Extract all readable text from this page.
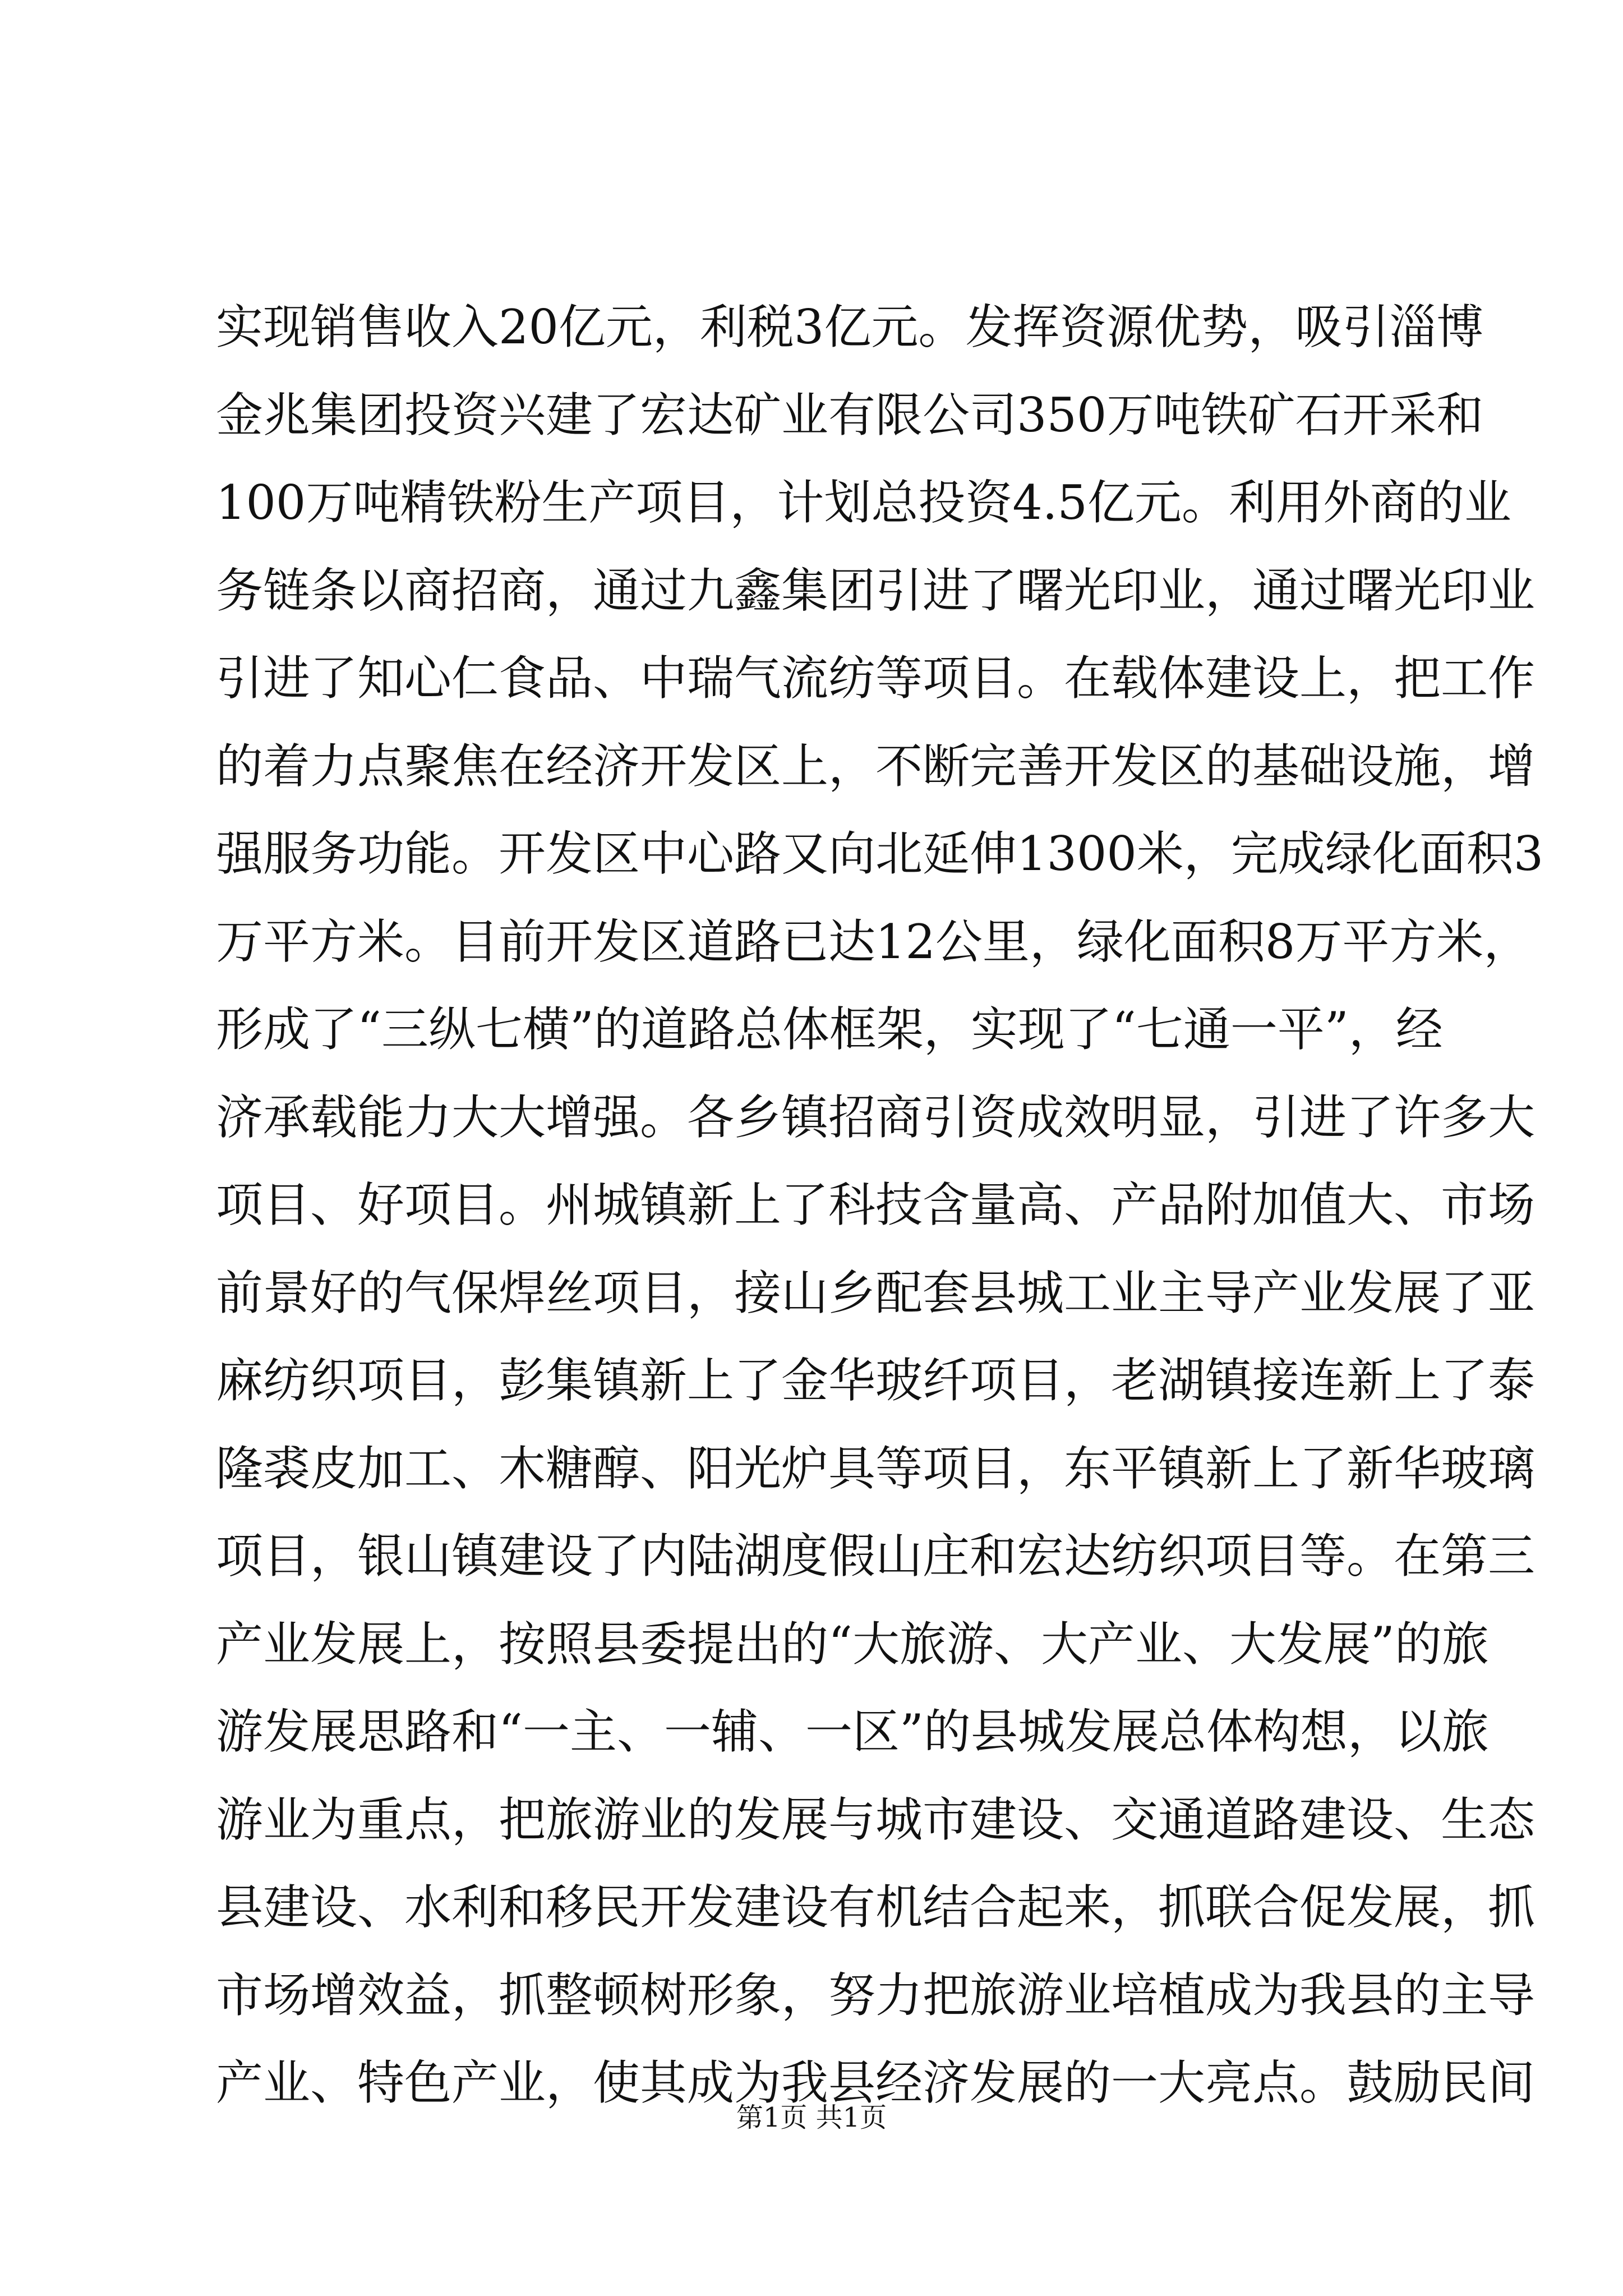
实现销售收入20亿元，利税3亿元。发挥资源优势，吸引淄博
金兆集团投资兴建了宏达矿业有限公司350万吨铁矿石开采和
100万吨精铁粉生产项目，计划总投资4.5亿元。利用外商的业
务链条以商招商，通过九鑫集团引进了曙光印业，通过曙光印业
引进了知心仁食品、中瑞气流纺等项目。在载体建设上，把工作
的着力点聚焦在经济开发区上，不断完善开发区的基础设施，增
强服务功能。开发区中心路又向北延伸1300米，完成绿化面积3
万平方米。目前开发区道路已达12公里，绿化面积8万平方米，
形成了“三纵七横”的道路总体框架，实现了“七通一平”，经
济承载能力大大增强。各乡镇招商引资成效明显，引进了许多大
项目、好项目。州城镇新上了科技含量高、产品附加值大、市场
前景好的气保焊丝项目，接山乡配套县城工业主导产业发展了亚
麻纺织项目，彭集镇新上了金华玻纤项目，老湖镇接连新上了泰
隆裘皮加工、木糖醇、阳光炉具等项目，东平镇新上了新华玻璃
项目，银山镇建设了内陆湖度假山庄和宏达纺织项目等。在第三
产业发展上，按照县委提出的“大旅游、大产业、大发展”的旅
游发展思路和“一主、一辅、一区”的县城发展总体构想，以旅
游业为重点，把旅游业的发展与城市建设、交通道路建设、生态
县建设、水利和移民开发建设有机结合起来，抓联合促发展，抓
市场增效益，抓整顿树形象，努力把旅游业培植成为我县的主导
产业、特色产业，使其成为我县经济发展的一大亮点。鼓励民间
第1页 共1页
